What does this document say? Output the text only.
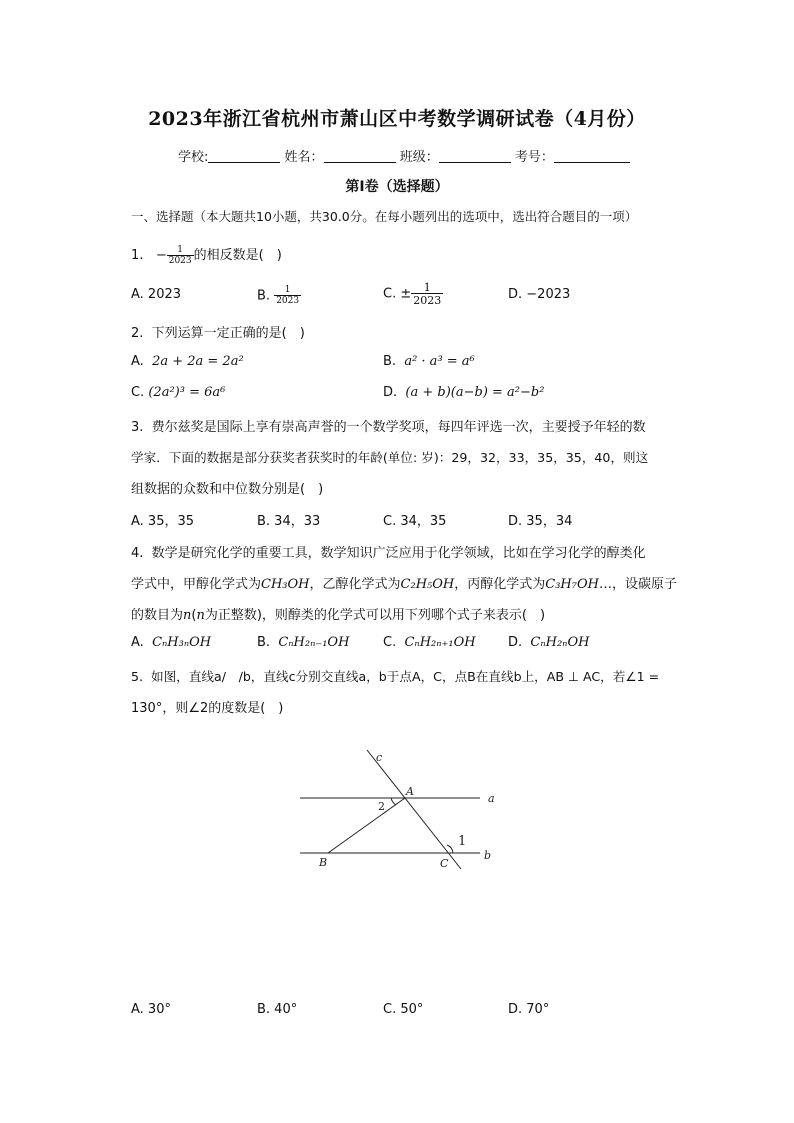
2023年浙江省杭州市萧山区中考数学调研试卷（4月份）
学校:	姓名：	班级：	考号：
第I卷（选择题）
一、选择题（本大题共10小题，共30.0分。在每小题列出的选项中，选出符合题目的一项）
1. − $\frac{1}{2023}$ 的相反数是(　)
A. 2023	B. $\frac{1}{2023}$	C. ± $\frac{1}{2023}$	D. −2023
2. 下列运算一定正确的是(　)
A. 2a + 2a = 2a²	B. a² · a³ = a⁶
C. (2a²)³ = 6a⁶	D. (a + b)(a−b) = a²−b²
3. 费尔兹奖是国际上享有崇高声誉的一个数学奖项，每四年评选一次，主要授予年轻的数
学家．下面的数据是部分获奖者获奖时的年龄(单位: 岁)：29，32，33，35，35，40，则这
组数据的众数和中位数分别是(　)
A. 35，35	B. 34，33	C. 34，35	D. 35，34
4. 数学是研究化学的重要工具，数学知识广泛应用于化学领域，比如在学习化学的醇类化
学式中，甲醇化学式为CH₃OH，乙醇化学式为C₂H₅OH，丙醇化学式为C₃H₇OH…，设碳原子
的数目为n(n为正整数)，则醇类的化学式可以用下列哪个式子来表示(　)
A. CₙH₃ₙOH	B. CₙH₂ₙ₋₁OH	C. CₙH₂ₙ₊₁OH D. CₙH₂ₙOH
5. 如图，直线a/　/b，直线c分别交直线a，b于点A，C，点B在直线b上，AB ⊥ AC，若∠1 =
130°，则∠2的度数是(　)
c
A
a
2
1
B	C
b
A. 30°	B. 40°	C. 50°	D. 70°
